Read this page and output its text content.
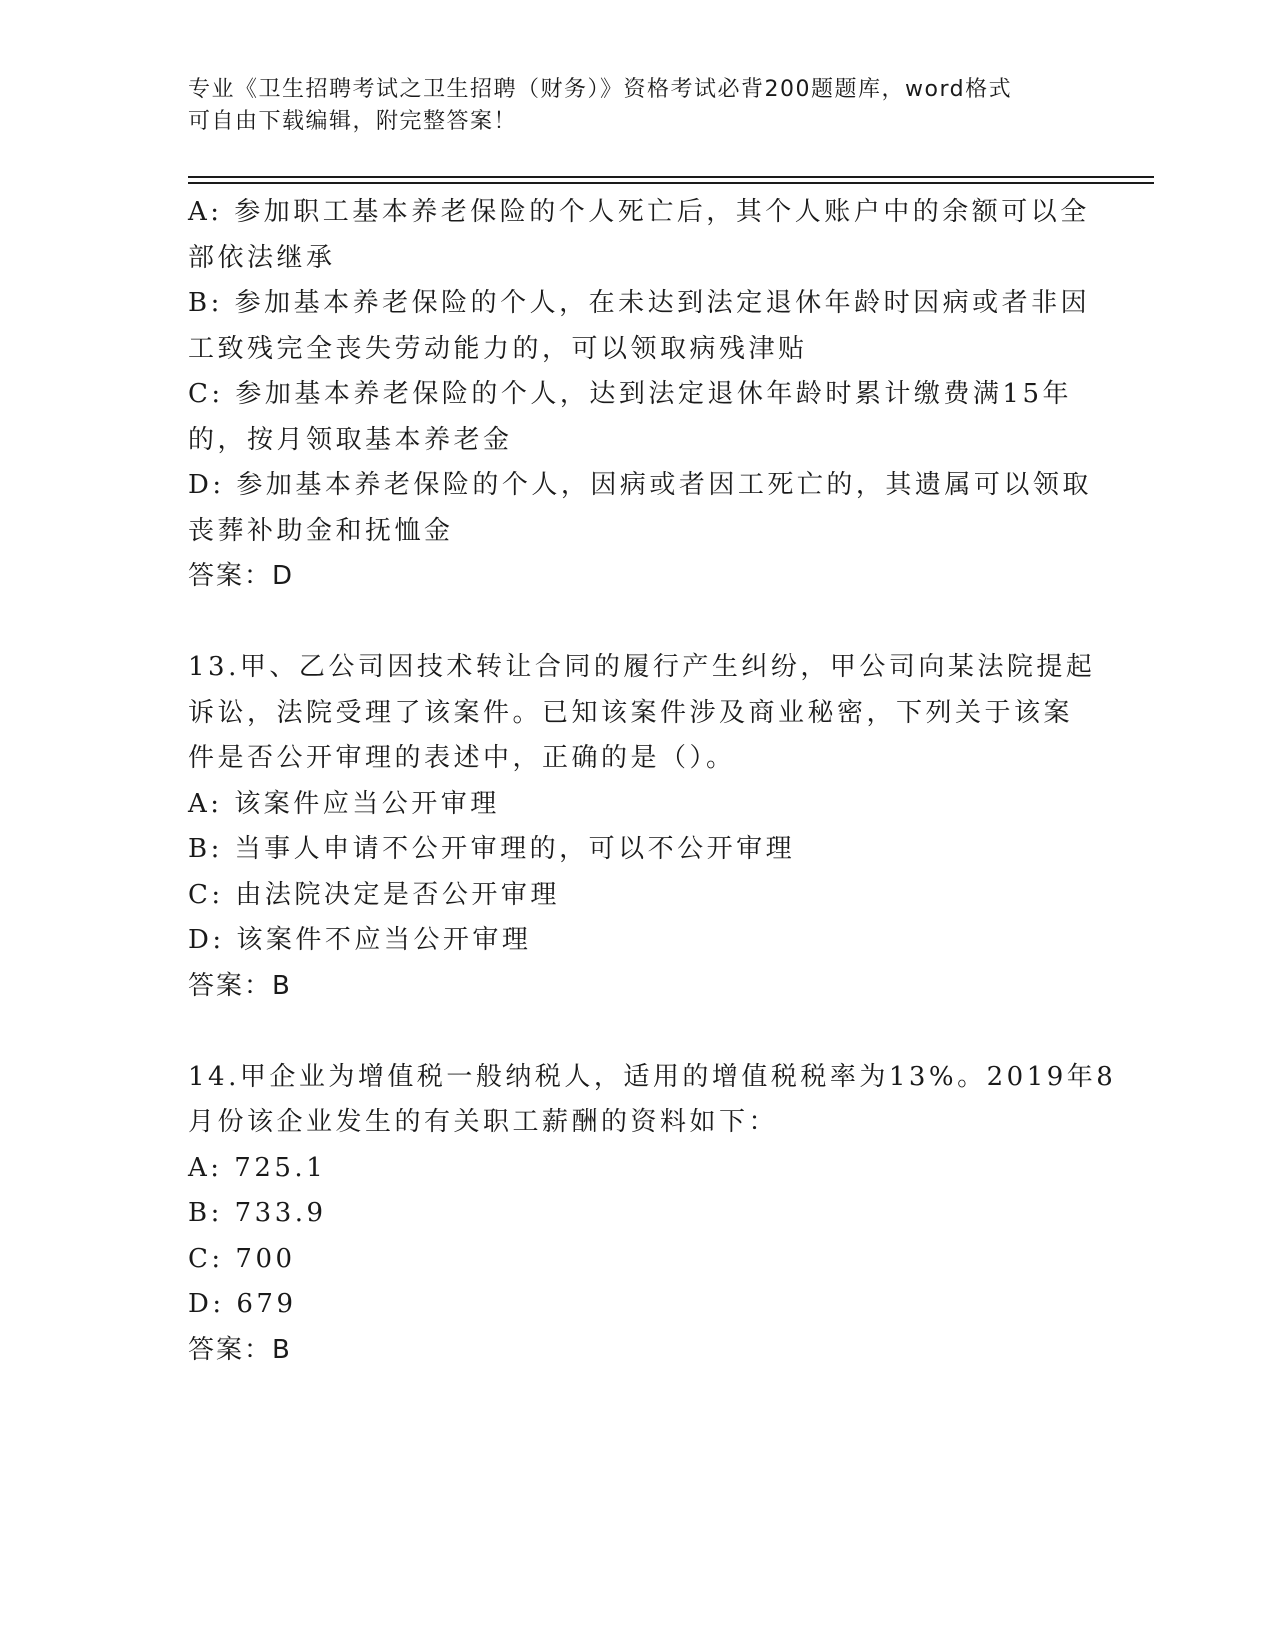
专业《卫生招聘考试之卫生招聘（财务）》资格考试必背200题题库，word格式
可自由下载编辑，附完整答案！
A: 参加职工基本养老保险的个人死亡后，其个人账户中的余额可以全
部依法继承
B: 参加基本养老保险的个人，在未达到法定退休年龄时因病或者非因
工致残完全丧失劳动能力的，可以领取病残津贴
C: 参加基本养老保险的个人，达到法定退休年龄时累计缴费满15年
的，按月领取基本养老金
D: 参加基本养老保险的个人，因病或者因工死亡的，其遗属可以领取
丧葬补助金和抚恤金
答案：D
13.甲、乙公司因技术转让合同的履行产生纠纷，甲公司向某法院提起
诉讼，法院受理了该案件。已知该案件涉及商业秘密，下列关于该案
件是否公开审理的表述中，正确的是（）。
A: 该案件应当公开审理
B: 当事人申请不公开审理的，可以不公开审理
C: 由法院决定是否公开审理
D: 该案件不应当公开审理
答案：B
14.甲企业为增值税一般纳税人，适用的增值税税率为13%。2019年8
月份该企业发生的有关职工薪酬的资料如下：
A: 725.1
B: 733.9
C: 700
D: 679
答案：B
